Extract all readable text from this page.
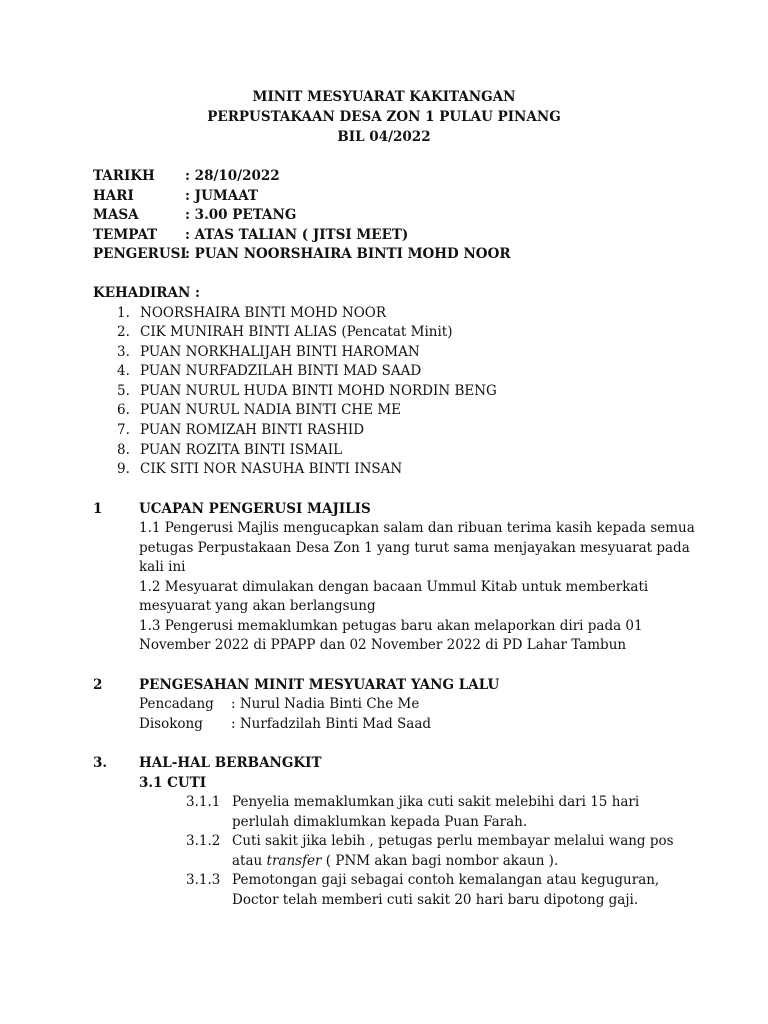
MINIT MESYUARAT KAKITANGAN
PERPUSTAKAAN DESA ZON 1 PULAU PINANG
BIL 04/2022
TARIKH : 28/10/2022
HARI	: JUMAAT
MASA	: 3.00 PETANG
TEMPAT : ATAS TALIAN ( JITSI MEET)
PENGERUSI: PUAN NOORSHAIRA BINTI MOHD NOOR
KEHADIRAN :
1. NOORSHAIRA BINTI MOHD NOOR
2. CIK MUNIRAH BINTI ALIAS (Pencatat Minit)
3. PUAN NORKHALIJAH BINTI HAROMAN
4. PUAN NURFADZILAH BINTI MAD SAAD
5. PUAN NURUL HUDA BINTI MOHD NORDIN BENG
6. PUAN NURUL NADIA BINTI CHE ME
7. PUAN ROMIZAH BINTI RASHID
8. PUAN ROZITA BINTI ISMAIL
9. CIK SITI NOR NASUHA BINTI INSAN
1	UCAPAN PENGERUSI MAJILIS
1.1 Pengerusi Majlis mengucapkan salam dan ribuan terima kasih kepada semua
petugas Perpustakaan Desa Zon 1 yang turut sama menjayakan mesyuarat pada
kali ini
1.2 Mesyuarat dimulakan dengan bacaan Ummul Kitab untuk memberkati
mesyuarat yang akan berlangsung
1.3 Pengerusi memaklumkan petugas baru akan melaporkan diri pada 01
November 2022 di PPAPP dan 02 November 2022 di PD Lahar Tambun
2	PENGESAHAN MINIT MESYUARAT YANG LALU
Pencadang : Nurul Nadia Binti Che Me
Disokong : Nurfadzilah Binti Mad Saad
3. HAL-HAL BERBANGKIT
3.1 CUTI
3.1.1 Penyelia memaklumkan jika cuti sakit melebihi dari 15 hari
perlulah dimaklumkan kepada Puan Farah.
3.1.2 Cuti sakit jika lebih , petugas perlu membayar melalui wang pos
atau transfer ( PNM akan bagi nombor akaun ).
3.1.3 Pemotongan gaji sebagai contoh kemalangan atau keguguran,
Doctor telah memberi cuti sakit 20 hari baru dipotong gaji.
